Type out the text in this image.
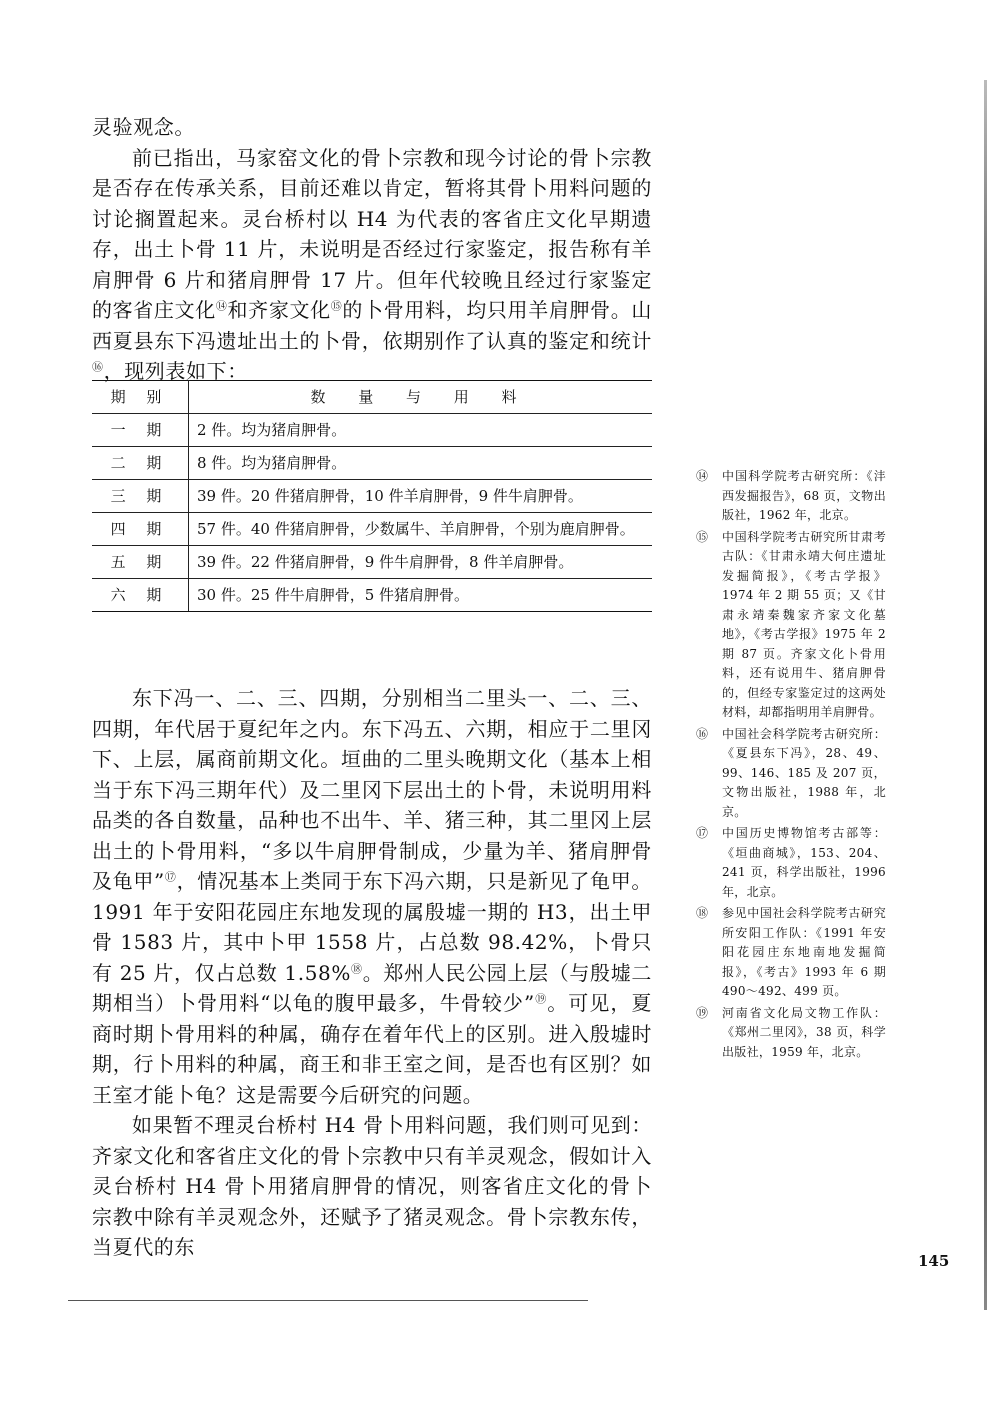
灵验观念。

前已指出，马家窑文化的骨卜宗教和现今讨论的骨卜宗教是否存在传承关系，目前还难以肯定，暂将其骨卜用料问题的讨论搁置起来。灵台桥村以 H4 为代表的客省庄文化早期遗存，出土卜骨 11 片，未说明是否经过行家鉴定，报告称有羊肩胛骨 6 片和猪肩胛骨 17 片。但年代较晚且经过行家鉴定的客省庄文化⑭和齐家文化⑮的卜骨用料，均只用羊肩胛骨。山西夏县东下冯遗址出土的卜骨，依期别作了认真的鉴定和统计⑯，现列表如下：

期 别	数 量 与 用 料
一 期	2 件。均为猪肩胛骨。
二 期	8 件。均为猪肩胛骨。
三 期	39 件。20 件猪肩胛骨，10 件羊肩胛骨，9 件牛肩胛骨。
四 期	57 件。40 件猪肩胛骨，少数属牛、羊肩胛骨，个别为鹿肩胛骨。
五 期	39 件。22 件猪肩胛骨，9 件牛肩胛骨，8 件羊肩胛骨。
六 期	30 件。25 件牛肩胛骨，5 件猪肩胛骨。

东下冯一、二、三、四期，分别相当二里头一、二、三、四期，年代居于夏纪年之内。东下冯五、六期，相应于二里冈下、上层，属商前期文化。垣曲的二里头晚期文化（基本上相当于东下冯三期年代）及二里冈下层出土的卜骨，未说明用料品类的各自数量，品种也不出牛、羊、猪三种，其二里冈上层出土的卜骨用料，“多以牛肩胛骨制成，少量为羊、猪肩胛骨及龟甲”⑰，情况基本上类同于东下冯六期，只是新见了龟甲。1991 年于安阳花园庄东地发现的属殷墟一期的 H3，出土甲骨 1583 片，其中卜甲 1558 片，占总数 98.42%，卜骨只有 25 片，仅占总数 1.58%⑱。郑州人民公园上层（与殷墟二期相当）卜骨用料“以龟的腹甲最多，牛骨较少”⑲。可见，夏商时期卜骨用料的种属，确存在着年代上的区别。进入殷墟时期，行卜用料的种属，商王和非王室之间，是否也有区别？如王室才能卜龟？这是需要今后研究的问题。

如果暂不理灵台桥村 H4 骨卜用料问题，我们则可见到：齐家文化和客省庄文化的骨卜宗教中只有羊灵观念，假如计入灵台桥村 H4 骨卜用猪肩胛骨的情况，则客省庄文化的骨卜宗教中除有羊灵观念外，还赋予了猪灵观念。骨卜宗教东传，当夏代的东

⑭	中国科学院考古研究所：《沣西发掘报告》，68 页，文物出版社，1962 年，北京。
⑮	中国科学院考古研究所甘肃考古队：《甘肃永靖大何庄遗址发掘简报》，《考古学报》1974 年 2 期 55 页；又《甘肃永靖秦魏家齐家文化墓地》，《考古学报》1975 年 2 期 87 页。齐家文化卜骨用料，还有说用牛、猪肩胛骨的，但经专家鉴定过的这两处材料，却都指明用羊肩胛骨。
⑯	中国社会科学院考古研究所：《夏县东下冯》，28、49、99、146、185 及 207 页，文物出版社，1988 年，北京。
⑰	中国历史博物馆考古部等：《垣曲商城》，153、204、241 页，科学出版社，1996 年，北京。
⑱	参见中国社会科学院考古研究所安阳工作队：《1991 年安阳花园庄东地南地发掘简报》，《考古》1993 年 6 期 490～492、499 页。
⑲	河南省文化局文物工作队：《郑州二里冈》，38 页，科学出版社，1959 年，北京。
145
